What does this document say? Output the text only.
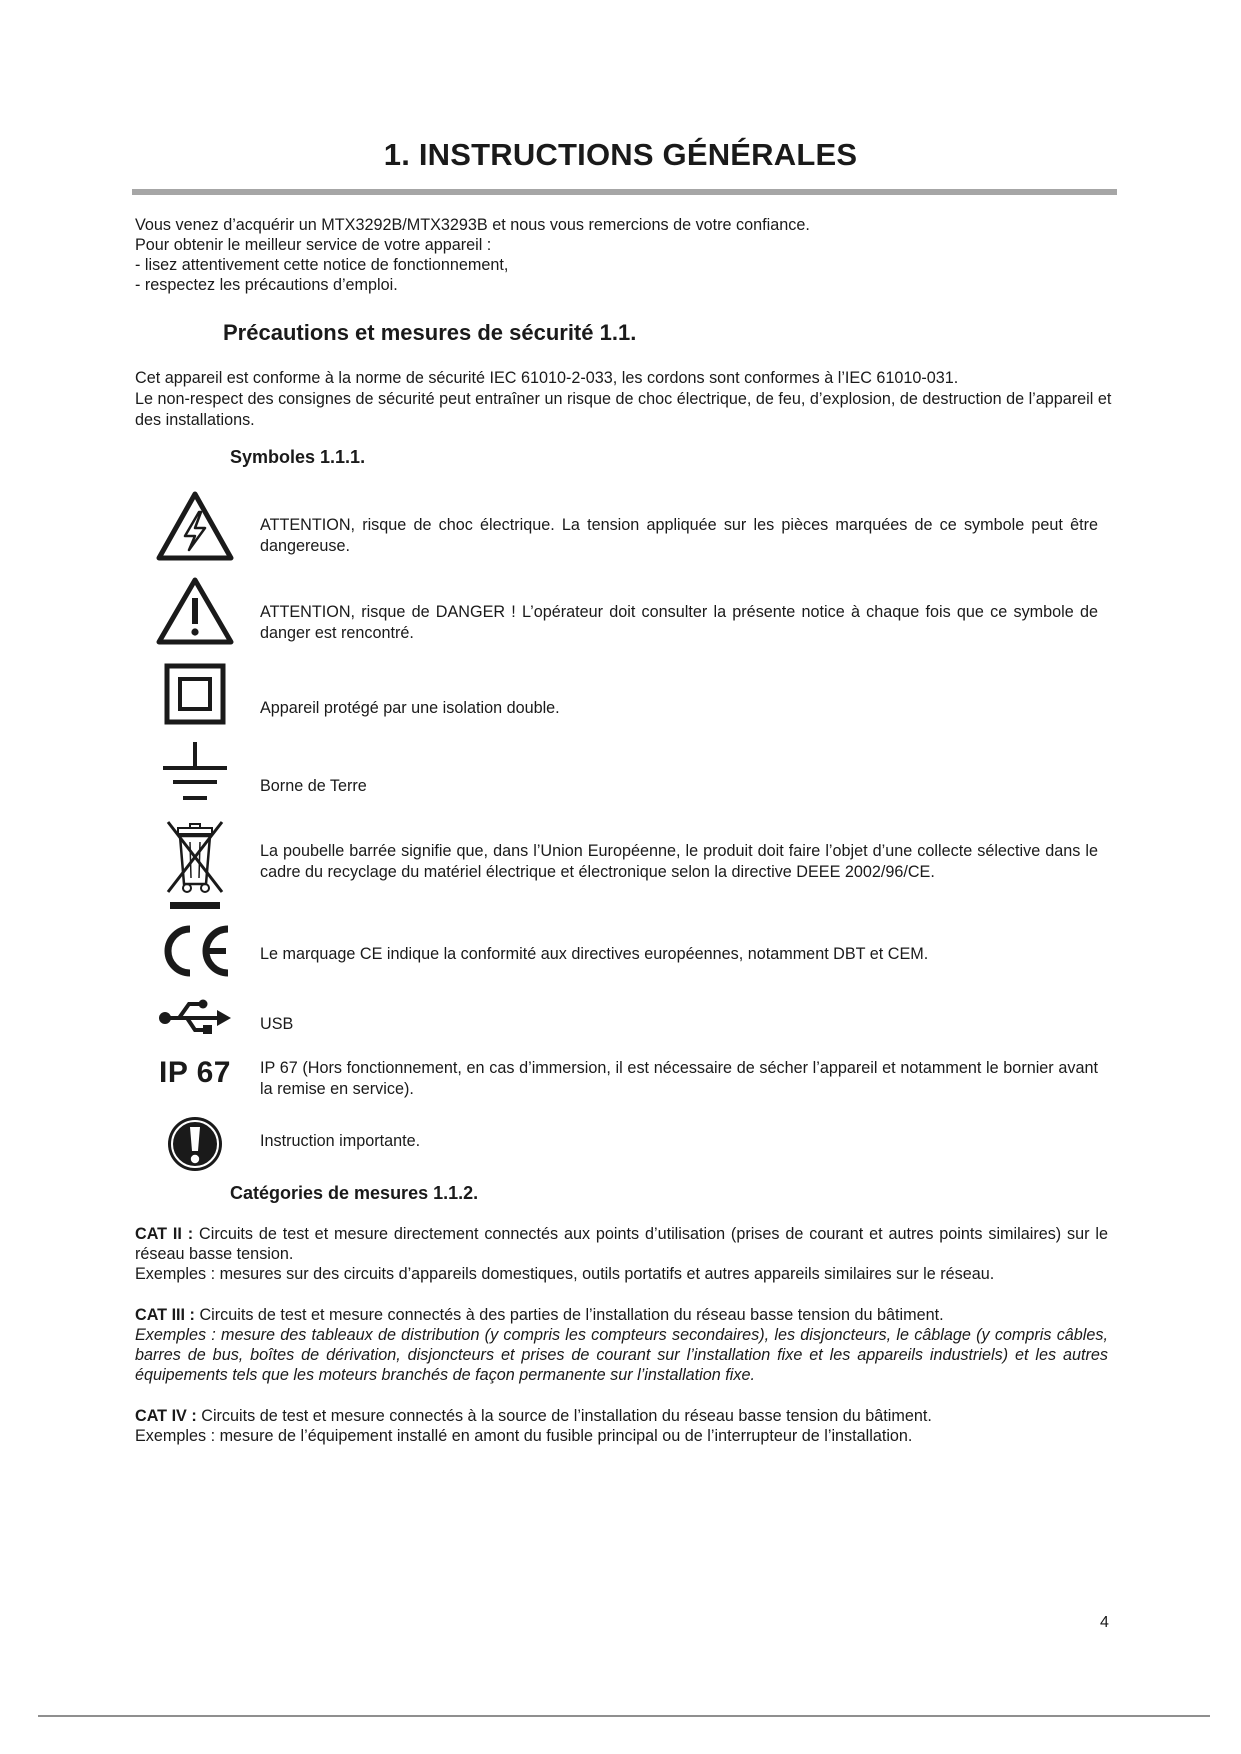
1. INSTRUCTIONS GÉNÉRALES

Vous venez d’acquérir un MTX3292B/MTX3293B et nous vous remercions de votre confiance.

Pour obtenir le meilleur service de votre appareil :

- lisez attentivement cette notice de fonctionnement,
- respectez les précautions d’emploi.
Précautions et mesures de sécurité 1.1.

Cet appareil est conforme à la norme de sécurité IEC 61010-2-033, les cordons sont conformes à l’IEC 61010-031.

Le non-respect des consignes de sécurité peut entraîner un risque de choc électrique, de feu, d’explosion, de destruction de l’appareil et des installations.

Symboles 1.1.1.

ATTENTION, risque de choc électrique. La tension appliquée sur les pièces marquées de ce symbole peut être dangereuse.

ATTENTION, risque de DANGER ! L’opérateur doit consulter la présente notice à chaque fois que ce symbole de danger est rencontré.

Appareil protégé par une isolation double.

Borne de Terre

La poubelle barrée signifie que, dans l’Union Européenne, le produit doit faire l’objet d’une collecte sélective dans le cadre du recyclage du matériel électrique et électronique selon la directive DEEE 2002/96/CE.

Le marquage CE indique la conformité aux directives européennes, notamment DBT et CEM.

USB

IP 67 IP 67 (Hors fonctionnement, en cas d’immersion, il est nécessaire de sécher l’appareil et notamment le bornier avant la remise en service).

Instruction importante.

Catégories de mesures 1.1.2.

CAT II : Circuits de test et mesure directement connectés aux points d’utilisation (prises de courant et autres points similaires) sur le réseau basse tension.

Exemples : mesures sur des circuits d’appareils domestiques, outils portatifs et autres appareils similaires sur le réseau.

CAT III : Circuits de test et mesure connectés à des parties de l’installation du réseau basse tension du bâtiment.

Exemples : mesure des tableaux de distribution (y compris les compteurs secondaires), les disjoncteurs, le câblage (y compris câbles, barres de bus, boîtes de dérivation, disjoncteurs et prises de courant sur l’installation fixe et les appareils industriels) et les autres équipements tels que les moteurs branchés de façon permanente sur l’installation fixe.

CAT IV : Circuits de test et mesure connectés à la source de l’installation du réseau basse tension du bâtiment.

Exemples : mesure de l’équipement installé en amont du fusible principal ou de l’interrupteur de l’installation.

4
